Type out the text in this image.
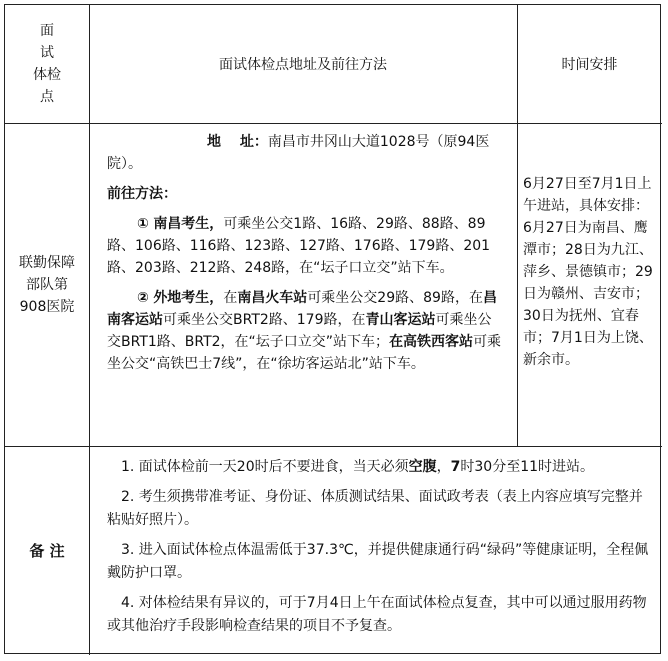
面
试
体检
点
面试体检点地址及前往方法	时间安排
联勤保障部队第908医院

地　 址：南昌市井冈山大道1028号（原94医院）。

前往方法：

① 南昌考生，可乘坐公交1路、16路、29路、88路、89路、106路、116路、123路、127路、176路、179路、201路、203路、212路、248路，在“坛子口立交”站下车。

② 外地考生，在南昌火车站可乘坐公交29路、89路，在昌南客运站可乘坐公交BRT2路、179路，在青山客运站可乘坐公交BRT1路、BRT2，在“坛子口立交”站下车；在高铁西客站可乘坐公交“高铁巴士7线”，在“徐坊客运站北”站下车。

6月27日至7月1日上午进站，具体安排：6月27日为南昌、鹰潭市；28日为九江、萍乡、景德镇市；29日为赣州、吉安市；30日为抚州、宜春市；7月1日为上饶、新余市。
备 注

1. 面试体检前一天20时后不要进食，当天必须空腹，7时30分至11时进站。

2. 考生须携带准考证、身份证、体质测试结果、面试政考表（表上内容应填写完整并粘贴好照片）。

3. 进入面试体检点体温需低于37.3℃，并提供健康通行码“绿码”等健康证明，全程佩戴防护口罩。

4. 对体检结果有异议的，可于7月4日上午在面试体检点复查，其中可以通过服用药物或其他治疗手段影响检查结果的项目不予复查。
